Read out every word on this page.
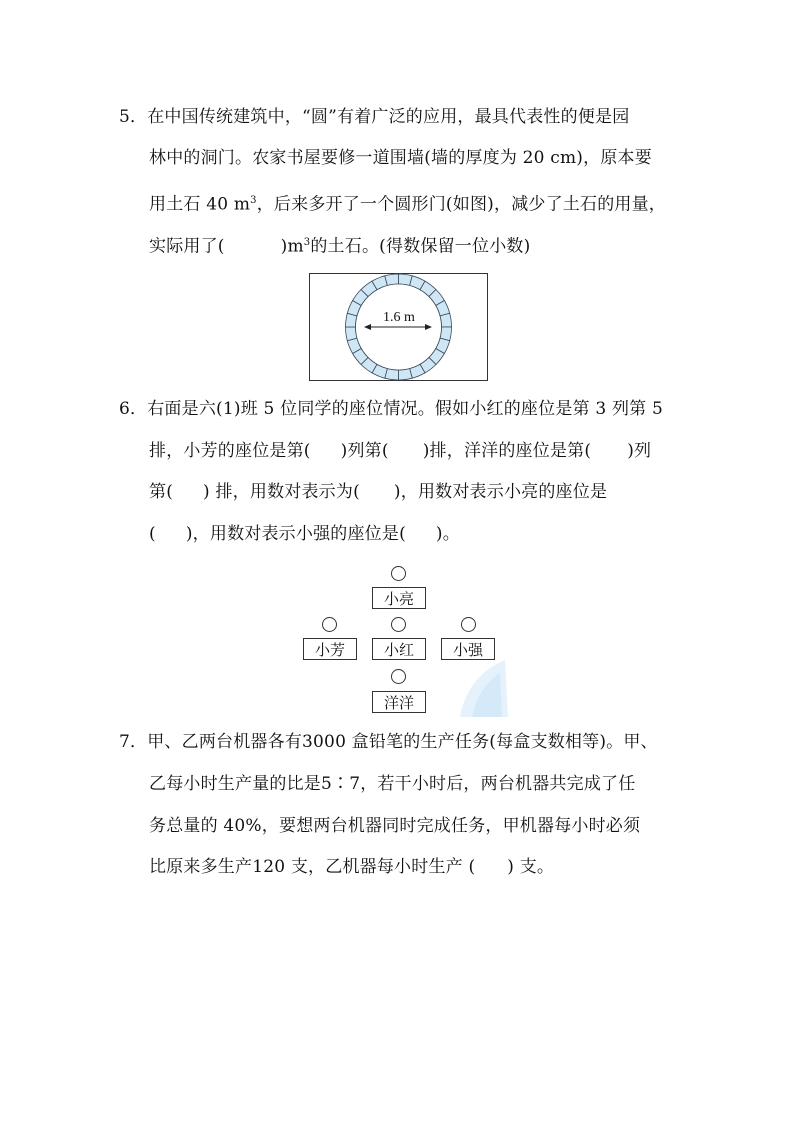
5．在中国传统建筑中，“圆”有着广泛的应用，最具代表性的便是园
林中的洞门。农家书屋要修一道围墙(墙的厚度为 20 cm)，原本要
用土石 40 $m^3$，后来多开了一个圆形门(如图)，减少了土石的用量，
实际用了(	)$m^3$的土石。(得数保留一位小数)
1.6 m
6．右面是六(1)班 5 位同学的座位情况。假如小红的座位是第 3 列第 5
排，小芳的座位是第( )列第( )排，洋洋的座位是第( )列
第( ) 排，用数对表示为( )，用数对表示小亮的座位是
( )，用数对表示小强的座位是( )。
小亮
小芳	小红	小强
洋洋
7．甲、乙两台机器各有3000 盒铅笔的生产任务(每盒支数相等)。甲、
乙每小时生产量的比是5∶7，若干小时后，两台机器共完成了任
务总量的 40%，要想两台机器同时完成任务，甲机器每小时必须
比原来多生产120 支，乙机器每小时生产 ( ) 支。
